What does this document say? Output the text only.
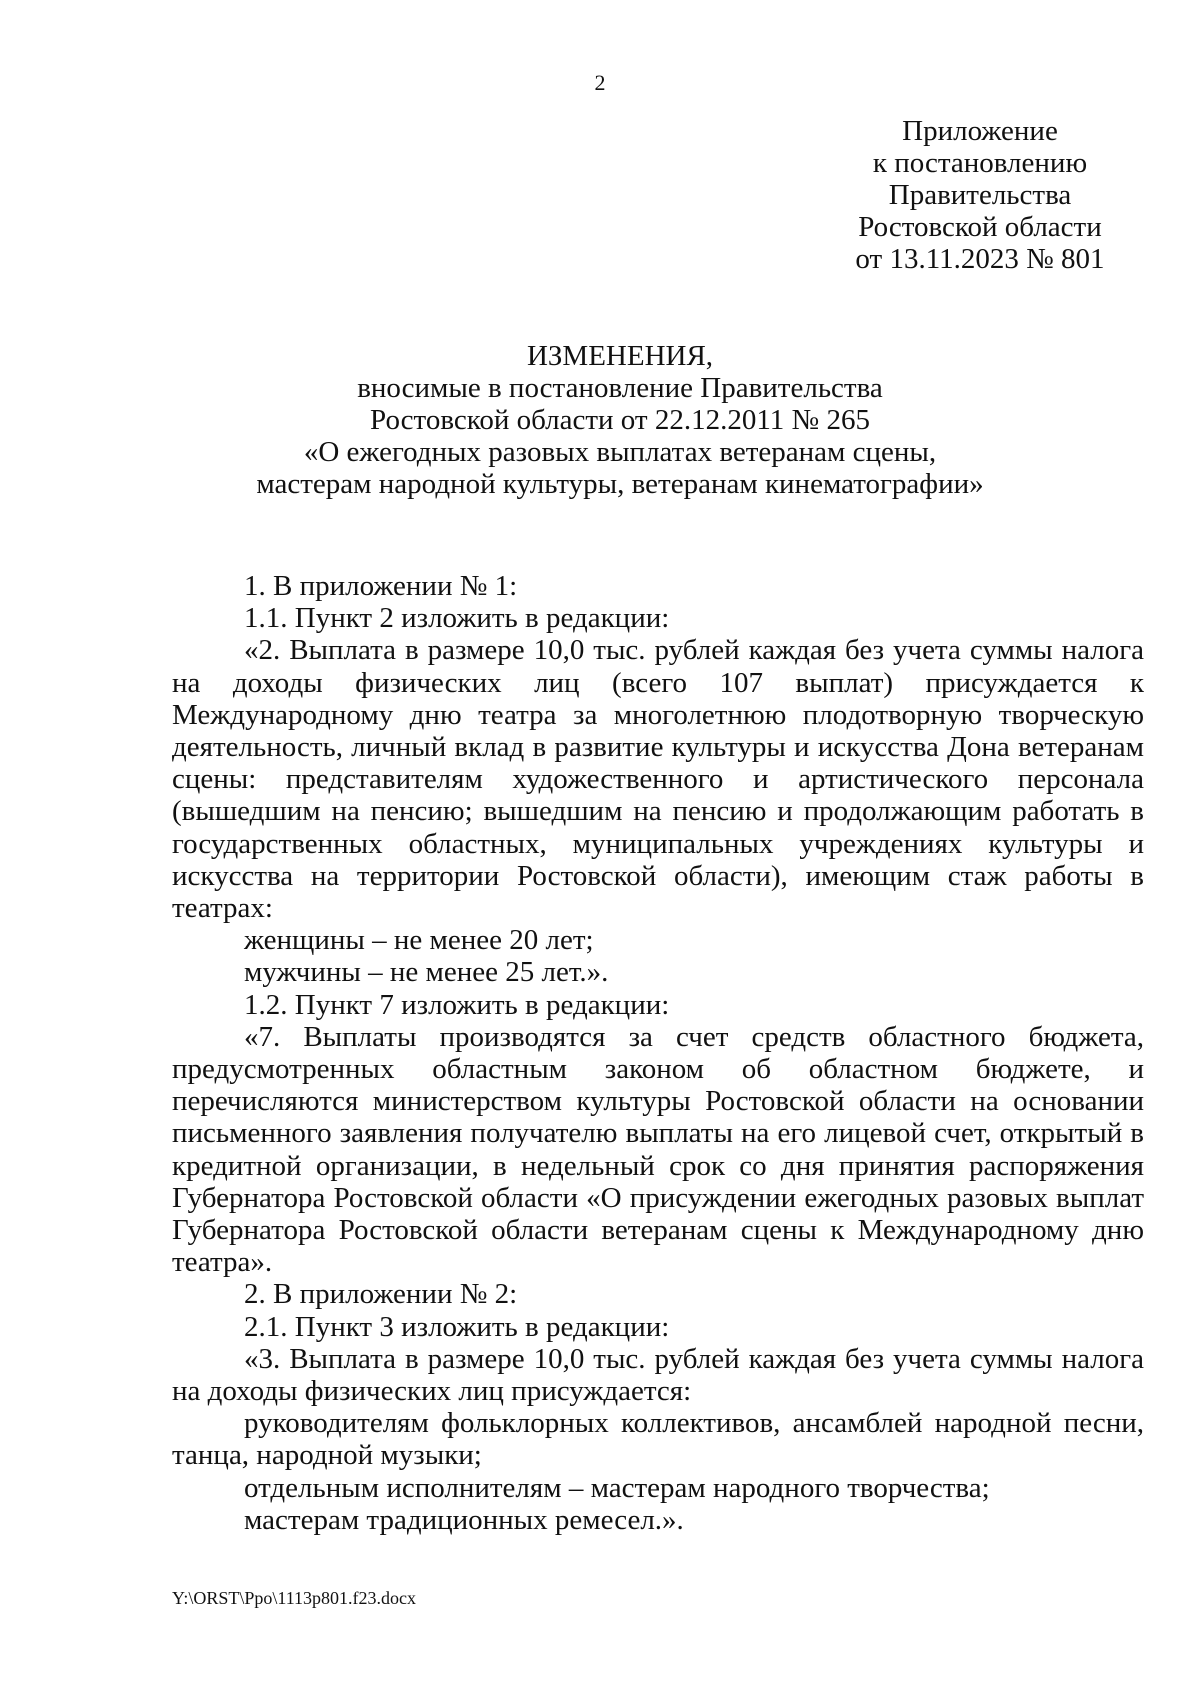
2
Приложение
к постановлению
Правительства
Ростовской области
от 13.11.2023 № 801
ИЗМЕНЕНИЯ,
вносимые в постановление Правительства
Ростовской области от 22.12.2011 № 265
«О ежегодных разовых выплатах ветеранам сцены,
мастерам народной культуры, ветеранам кинематографии»

1. В приложении № 1:

1.1. Пункт 2 изложить в редакции:

«2. Выплата в размере 10,0 тыс. рублей каждая без учета суммы налога на доходы физических лиц (всего 107 выплат) присуждается к Международному дню театра за многолетнюю плодотворную творческую деятельность, личный вклад в развитие культуры и искусства Дона ветеранам сцены: представителям художественного и артистического персонала (вышедшим на пенсию; вышедшим на пенсию и продолжающим работать в государственных областных, муниципальных учреждениях культуры и искусства на территории Ростовской области), имеющим стаж работы в театрах:

женщины – не менее 20 лет;

мужчины – не менее 25 лет.».

1.2. Пункт 7 изложить в редакции:

«7. Выплаты производятся за счет средств областного бюджета, предусмотренных областным законом об областном бюджете, и перечисляются министерством культуры Ростовской области на основании письменного заявления получателю выплаты на его лицевой счет, открытый в кредитной организации, в недельный срок со дня принятия распоряжения Губернатора Ростовской области «О присуждении ежегодных разовых выплат Губернатора Ростовской области ветеранам сцены к Международному дню театра».

2. В приложении № 2:

2.1. Пункт 3 изложить в редакции:

«3. Выплата в размере 10,0 тыс. рублей каждая без учета суммы налога на доходы физических лиц присуждается:

руководителям фольклорных коллективов, ансамблей народной песни, танца, народной музыки;

отдельным исполнителям – мастерам народного творчества;

мастерам традиционных ремесел.».

Y:\ORST\Ppo\1113p801.f23.docx
